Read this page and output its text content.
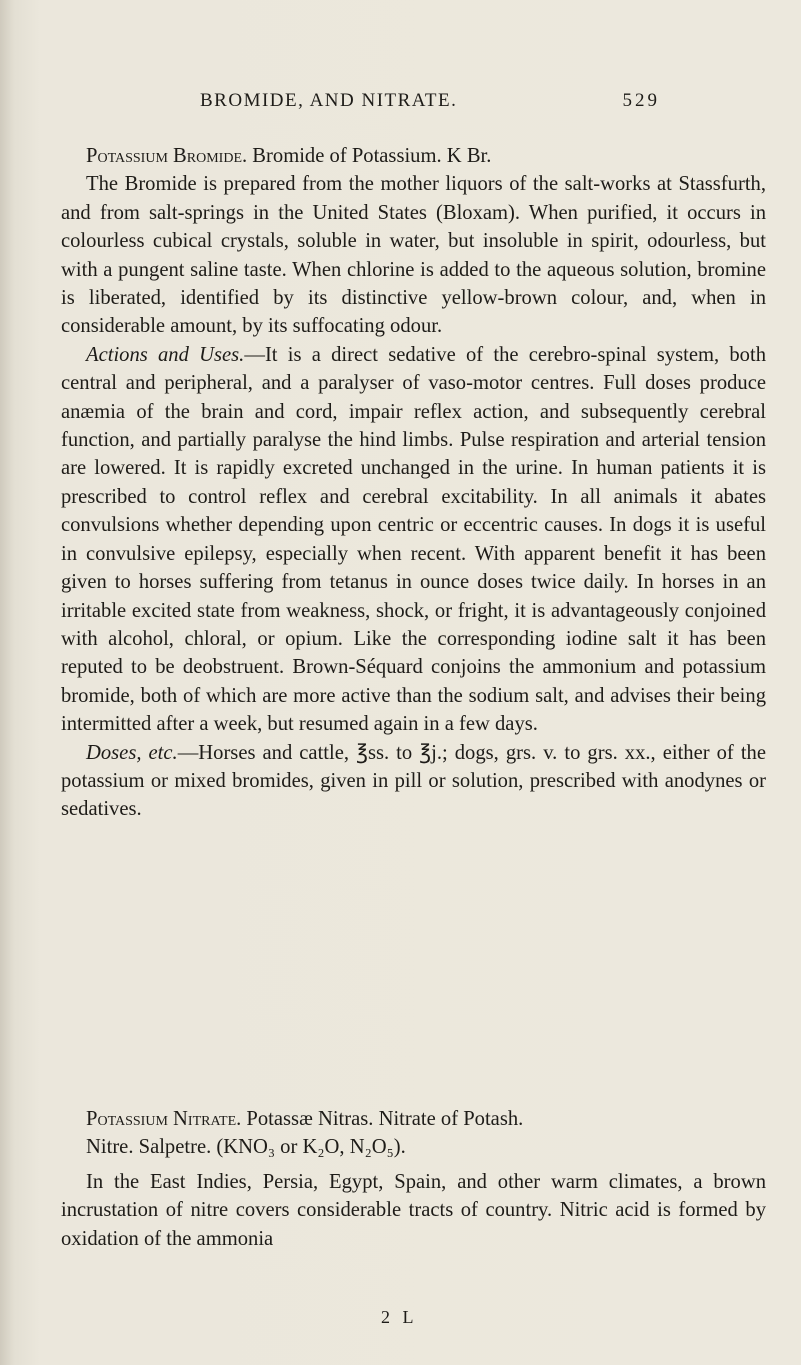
BROMIDE, AND NITRATE.	529

Potassium Bromide. Bromide of Potassium. K Br.

The Bromide is prepared from the mother liquors of the salt-works at Stassfurth, and from salt-springs in the United States (Bloxam). When purified, it occurs in colourless cubical crystals, soluble in water, but insoluble in spirit, odourless, but with a pungent saline taste. When chlorine is added to the aqueous solution, bromine is liberated, identified by its distinctive yellow-brown colour, and, when in considerable amount, by its suffocating odour.

Actions and Uses.—It is a direct sedative of the cerebro-spinal system, both central and peripheral, and a paralyser of vaso-motor centres. Full doses produce anæmia of the brain and cord, impair reflex action, and subsequently cerebral function, and partially paralyse the hind limbs. Pulse respiration and arterial tension are lowered. It is rapidly excreted unchanged in the urine. In human patients it is prescribed to control reflex and cerebral excitability. In all animals it abates convulsions whether depending upon centric or eccentric causes. In dogs it is useful in convulsive epilepsy, especially when recent. With apparent benefit it has been given to horses suffering from tetanus in ounce doses twice daily. In horses in an irritable excited state from weakness, shock, or fright, it is advantageously conjoined with alcohol, chloral, or opium. Like the corresponding iodine salt it has been reputed to be deobstruent. Brown-Séquard conjoins the ammonium and potassium bromide, both of which are more active than the sodium salt, and advises their being intermitted after a week, but resumed again in a few days.

Doses, etc.—Horses and cattle, ℥ss. to ℥j.; dogs, grs. v. to grs. xx., either of the potassium or mixed bromides, given in pill or solution, prescribed with anodynes or sedatives.

Potassium Nitrate. Potassæ Nitras. Nitrate of Potash.

Nitre. Salpetre. (KNO₃ or K₂O, N₂O₅).

In the East Indies, Persia, Egypt, Spain, and other warm climates, a brown incrustation of nitre covers considerable tracts of country. Nitric acid is formed by oxidation of the ammonia

2 L
